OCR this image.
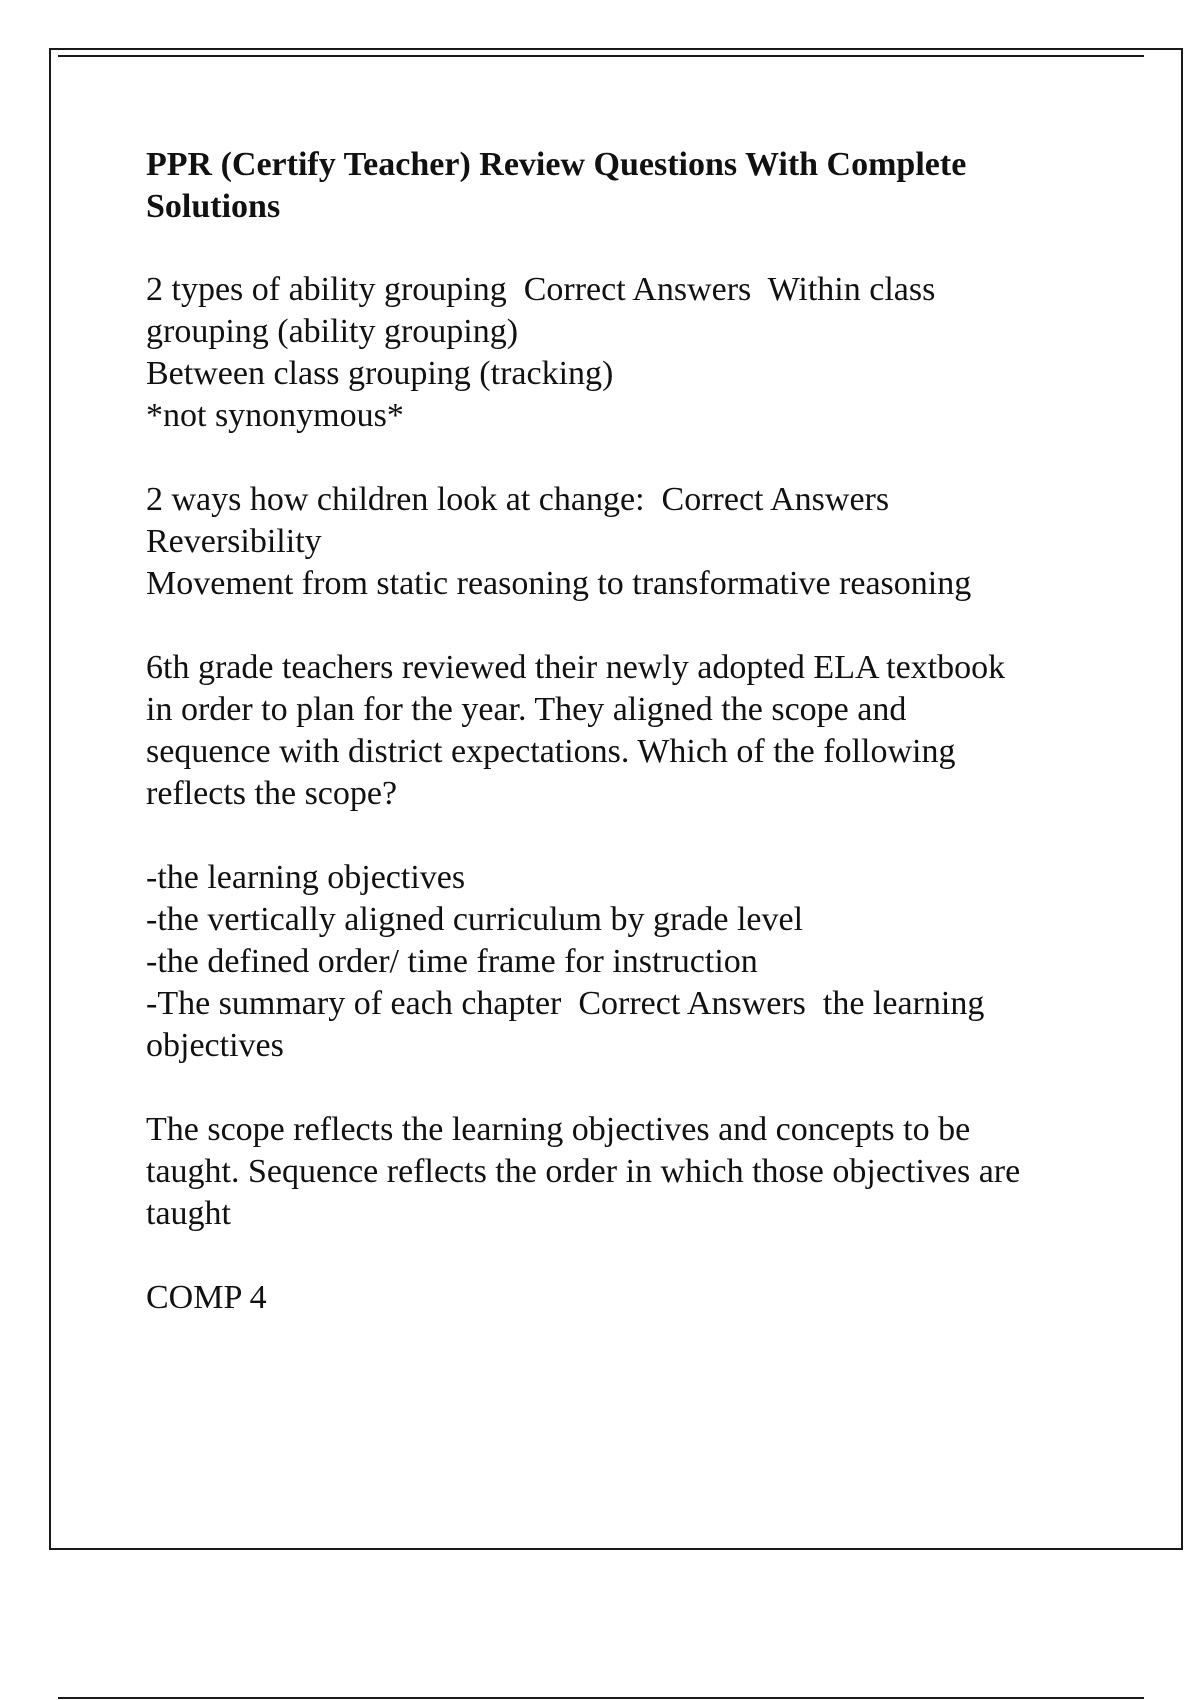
PPR (Certify Teacher) Review Questions With Complete
Solutions

2 types of ability grouping  Correct Answers  Within class
grouping (ability grouping)
Between class grouping (tracking)
*not synonymous*

2 ways how children look at change:  Correct Answers
Reversibility
Movement from static reasoning to transformative reasoning

6th grade teachers reviewed their newly adopted ELA textbook
in order to plan for the year. They aligned the scope and
sequence with district expectations. Which of the following
reflects the scope?

-the learning objectives
-the vertically aligned curriculum by grade level
-the defined order/ time frame for instruction
-The summary of each chapter  Correct Answers  the learning
objectives

The scope reflects the learning objectives and concepts to be
taught. Sequence reflects the order in which those objectives are
taught

COMP 4
